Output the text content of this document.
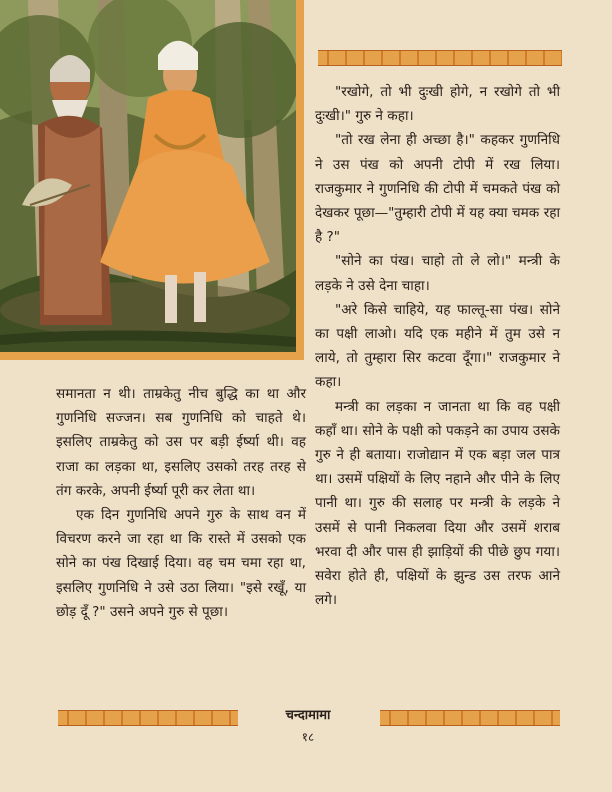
"रखोगे, तो भी दुःखी होगे, न रखोगे तो भी दुःखी।" गुरु ने कहा।

"तो रख लेना ही अच्छा है।" कहकर गुणनिधि ने उस पंख को अपनी टोपी में रख लिया। राजकुमार ने गुणनिधि की टोपी में चमकते पंख को देखकर पूछा—"तुम्हारी टोपी में यह क्या चमक रहा है ?"

"सोने का पंख। चाहो तो ले लो।" मन्त्री के लड़के ने उसे देना चाहा।

"अरे किसे चाहिये, यह फाल्तू-सा पंख। सोने का पक्षी लाओ। यदि एक महीने में तुम उसे न लाये, तो तुम्हारा सिर कटवा दूँगा।" राजकुमार ने कहा।

मन्त्री का लड़का न जानता था कि वह पक्षी कहाँ था। सोने के पक्षी को पकड़ने का उपाय उसके गुरु ने ही बताया। राजोद्यान में एक बड़ा जल पात्र था। उसमें पक्षियों के लिए नहाने और पीने के लिए पानी था। गुरु की सलाह पर मन्त्री के लड़के ने उसमें से पानी निकलवा दिया और उसमें शराब भरवा दी और पास ही झाड़ियों की पीछे छुप गया। सवेरा होते ही, पक्षियों के झुन्ड उस तरफ आने लगे।

समानता न थी। ताम्रकेतु नीच बुद्धि का था और गुणनिधि सज्जन। सब गुणनिधि को चाहते थे। इसलिए ताम्रकेतु को उस पर बड़ी ईर्ष्या थी। वह राजा का लड़का था, इसलिए उसको तरह तरह से तंग करके, अपनी ईर्ष्या पूरी कर लेता था।

एक दिन गुणनिधि अपने गुरु के साथ वन में विचरण करने जा रहा था कि रास्ते में उसको एक सोने का पंख दिखाई दिया। वह चम चमा रहा था, इसलिए गुणनिधि ने उसे उठा लिया। "इसे रखूँ, या छोड़ दूँ ?" उसने अपने गुरु से पूछा।

चन्दामामा
१८
